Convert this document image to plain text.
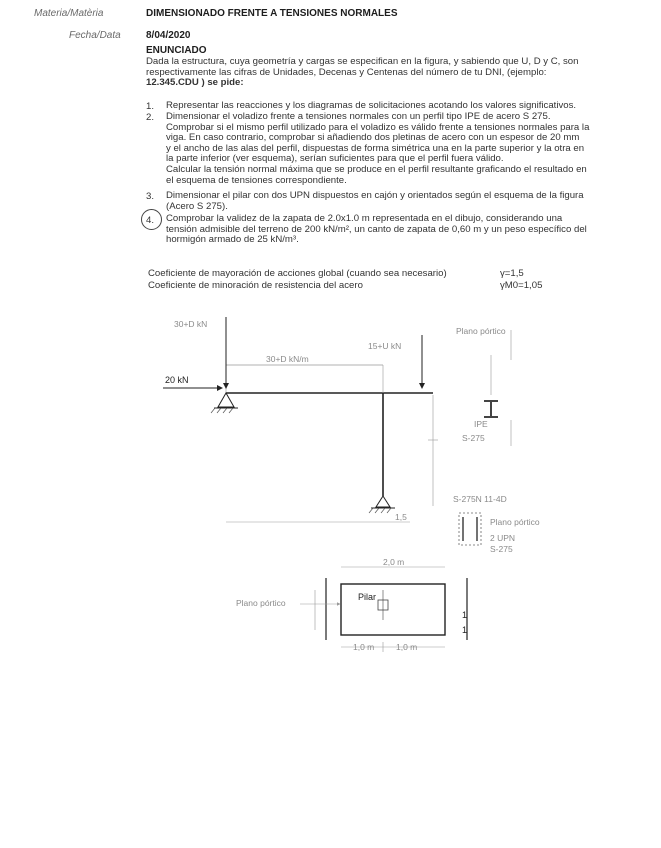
Materia/Matèria	DIMENSIONADO FRENTE A TENSIONES NORMALES
Fecha/Data	8/04/2020
ENUNCIADO
Dada la estructura, cuya geometría y cargas se especifican en la figura, y sabiendo que U, D y C, son
respectivamente las cifras de Unidades, Decenas y Centenas del número de tu DNI, (ejemplo:
12.345.CDU ) se pide:
1. Representar las reacciones y los diagramas de solicitaciones acotando los valores significativos.
2. Dimensionar el voladizo frente a tensiones normales con un perfil tipo IPE de acero S 275.
Comprobar si el mismo perfil utilizado para el voladizo es válido frente a tensiones normales para la
viga. En caso contrario, comprobar si añadiendo dos pletinas de acero con un espesor de 20 mm
y el ancho de las alas del perfil, dispuestas de forma simétrica una en la parte superior y la otra en
la parte inferior (ver esquema), serían suficientes para que el perfil fuera válido.
Calcular la tensión normal máxima que se produce en el perfil resultante graficando el resultado en
el esquema de tensiones correspondiente.
3. Dimensionar el pilar con dos UPN dispuestos en cajón y orientados según el esquema de la figura
(Acero S 275).
4. Comprobar la validez de la zapata de 2.0x1.0 m representada en el dibujo, considerando una
tensión admisible del terreno de 200 kN/m², un canto de zapata de 0,60 m y un peso específico del
hormigón armado de 25 kN/m³.
Coeficiente de mayoración de acciones global (cuando sea necesario)	γ=1,5
Coeficiente de minoración de resistencia del acero	γM0=1,05
30+D kN/m
30+D kN
15+U kN
20 kN
1,5
Plano pórtico
IPE
S-275
S-275N 11-4D
Plano pórtico
2 UPN
S-275
2,0 m
Pilar
Plano pórtico
1
1
1,0 m	1,0 m
